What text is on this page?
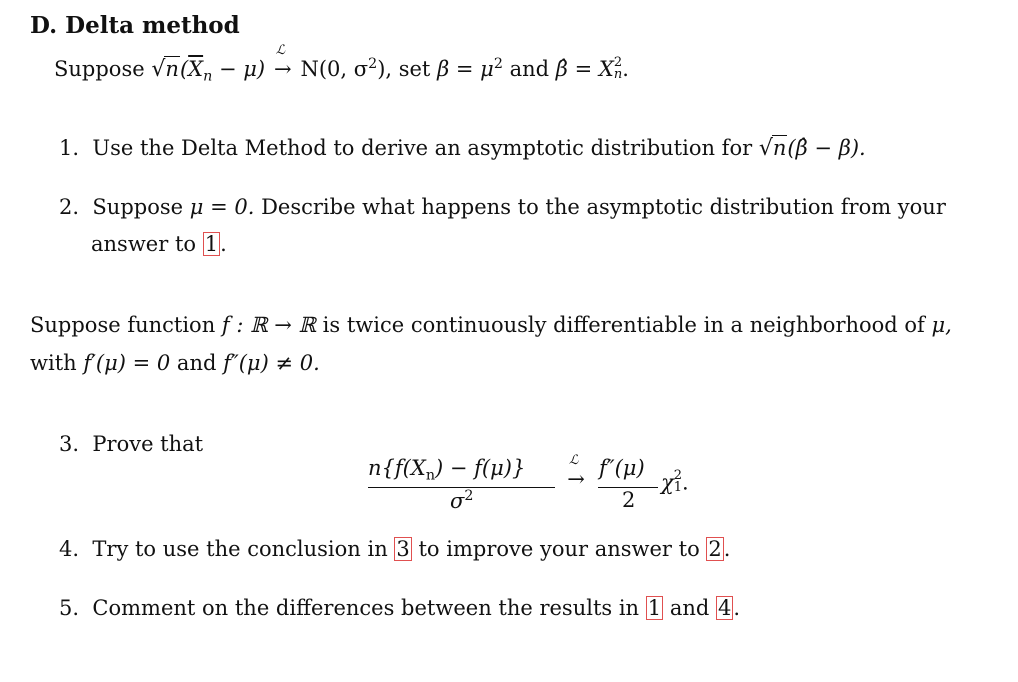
D. Delta method
Suppose $√n(\overline{X}_n - \mu)$
ℒ
→ N(0, $\sigma^2$), set $\beta = \mu^2$ and β̂ = X 2
n .
1. Use the Delta Method to derive an asymptotic distribution for √n(β̂ − β).
2. Suppose μ = 0. Describe what happens to the asymptotic distribution from your
answer to 1.
Suppose function f : ℝ → ℝ is twice continuously differentiable in a neighborhood of μ,
with f′(μ) = 0 and f″(μ) ≠ 0.
3. Prove that
$n\{f(X_n) - f(\mu)\}$
$\sigma^2$
ℒ
→ f″(μ)
2
χ 2
1 .
4. Try to use the conclusion in 3 to improve your answer to 2.
5. Comment on the differences between the results in 1 and 4.
